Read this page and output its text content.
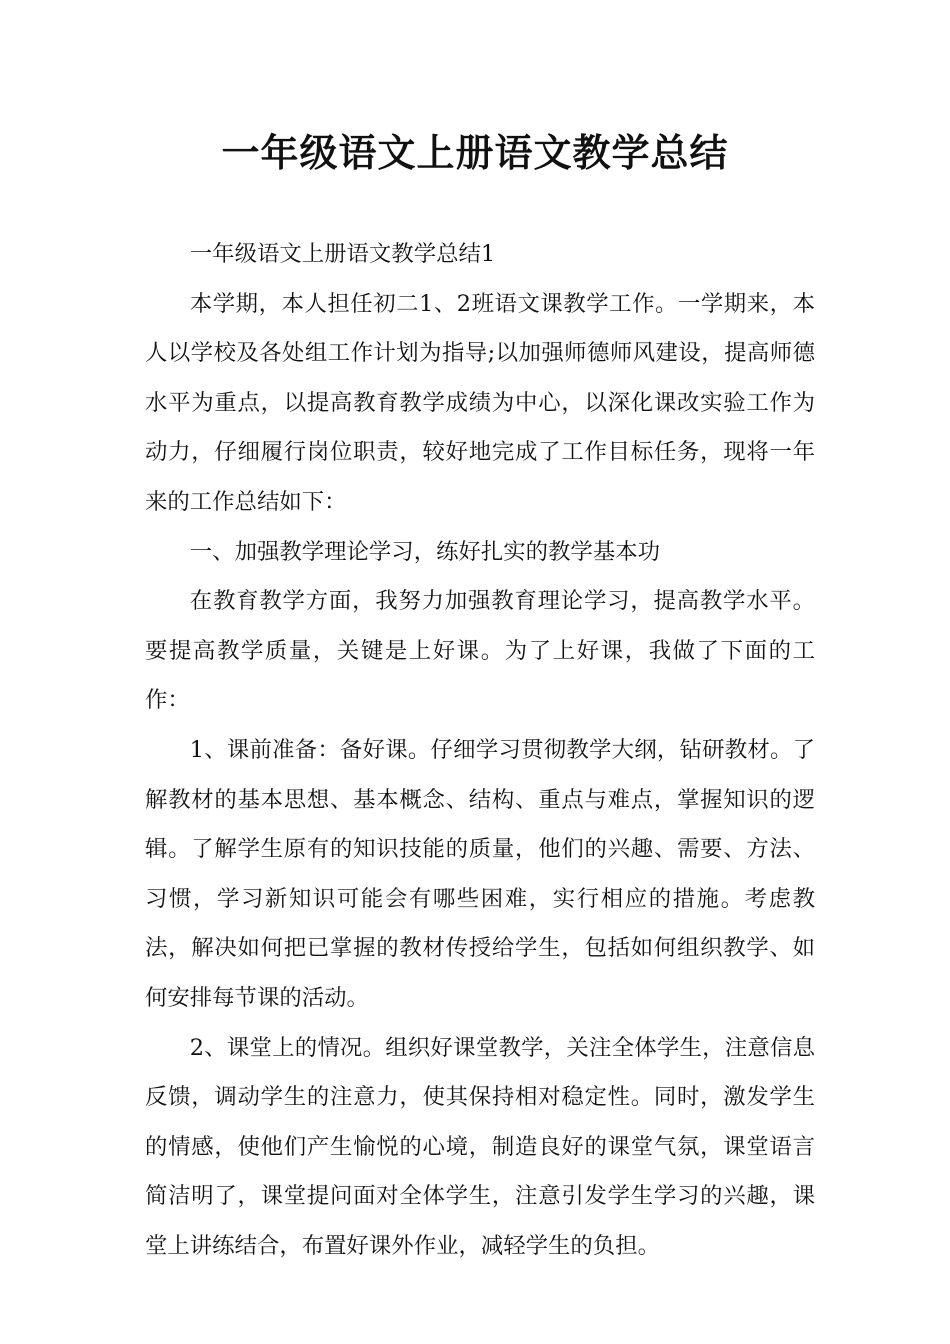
一年级语文上册语文教学总结

一年级语文上册语文教学总结1

本学期，本人担任初二1、2班语文课教学工作。一学期来，本人以学校及各处组工作计划为指导;以加强师德师风建设，提高师德水平为重点，以提高教育教学成绩为中心，以深化课改实验工作为动力，仔细履行岗位职责，较好地完成了工作目标任务，现将一年来的工作总结如下：

一、加强教学理论学习，练好扎实的教学基本功

在教育教学方面，我努力加强教育理论学习，提高教学水平。要提高教学质量，关键是上好课。为了上好课，我做了下面的工作：

1、课前准备：备好课。仔细学习贯彻教学大纲，钻研教材。了解教材的基本思想、基本概念、结构、重点与难点，掌握知识的逻辑。了解学生原有的知识技能的质量，他们的兴趣、需要、方法、习惯，学习新知识可能会有哪些困难，实行相应的措施。考虑教法，解决如何把已掌握的教材传授给学生，包括如何组织教学、如何安排每节课的活动。

2、课堂上的情况。组织好课堂教学，关注全体学生，注意信息反馈，调动学生的注意力，使其保持相对稳定性。同时，激发学生的情感，使他们产生愉悦的心境，制造良好的课堂气氛，课堂语言简洁明了，课堂提问面对全体学生，注意引发学生学习的兴趣，课堂上讲练结合，布置好课外作业，减轻学生的负担。
